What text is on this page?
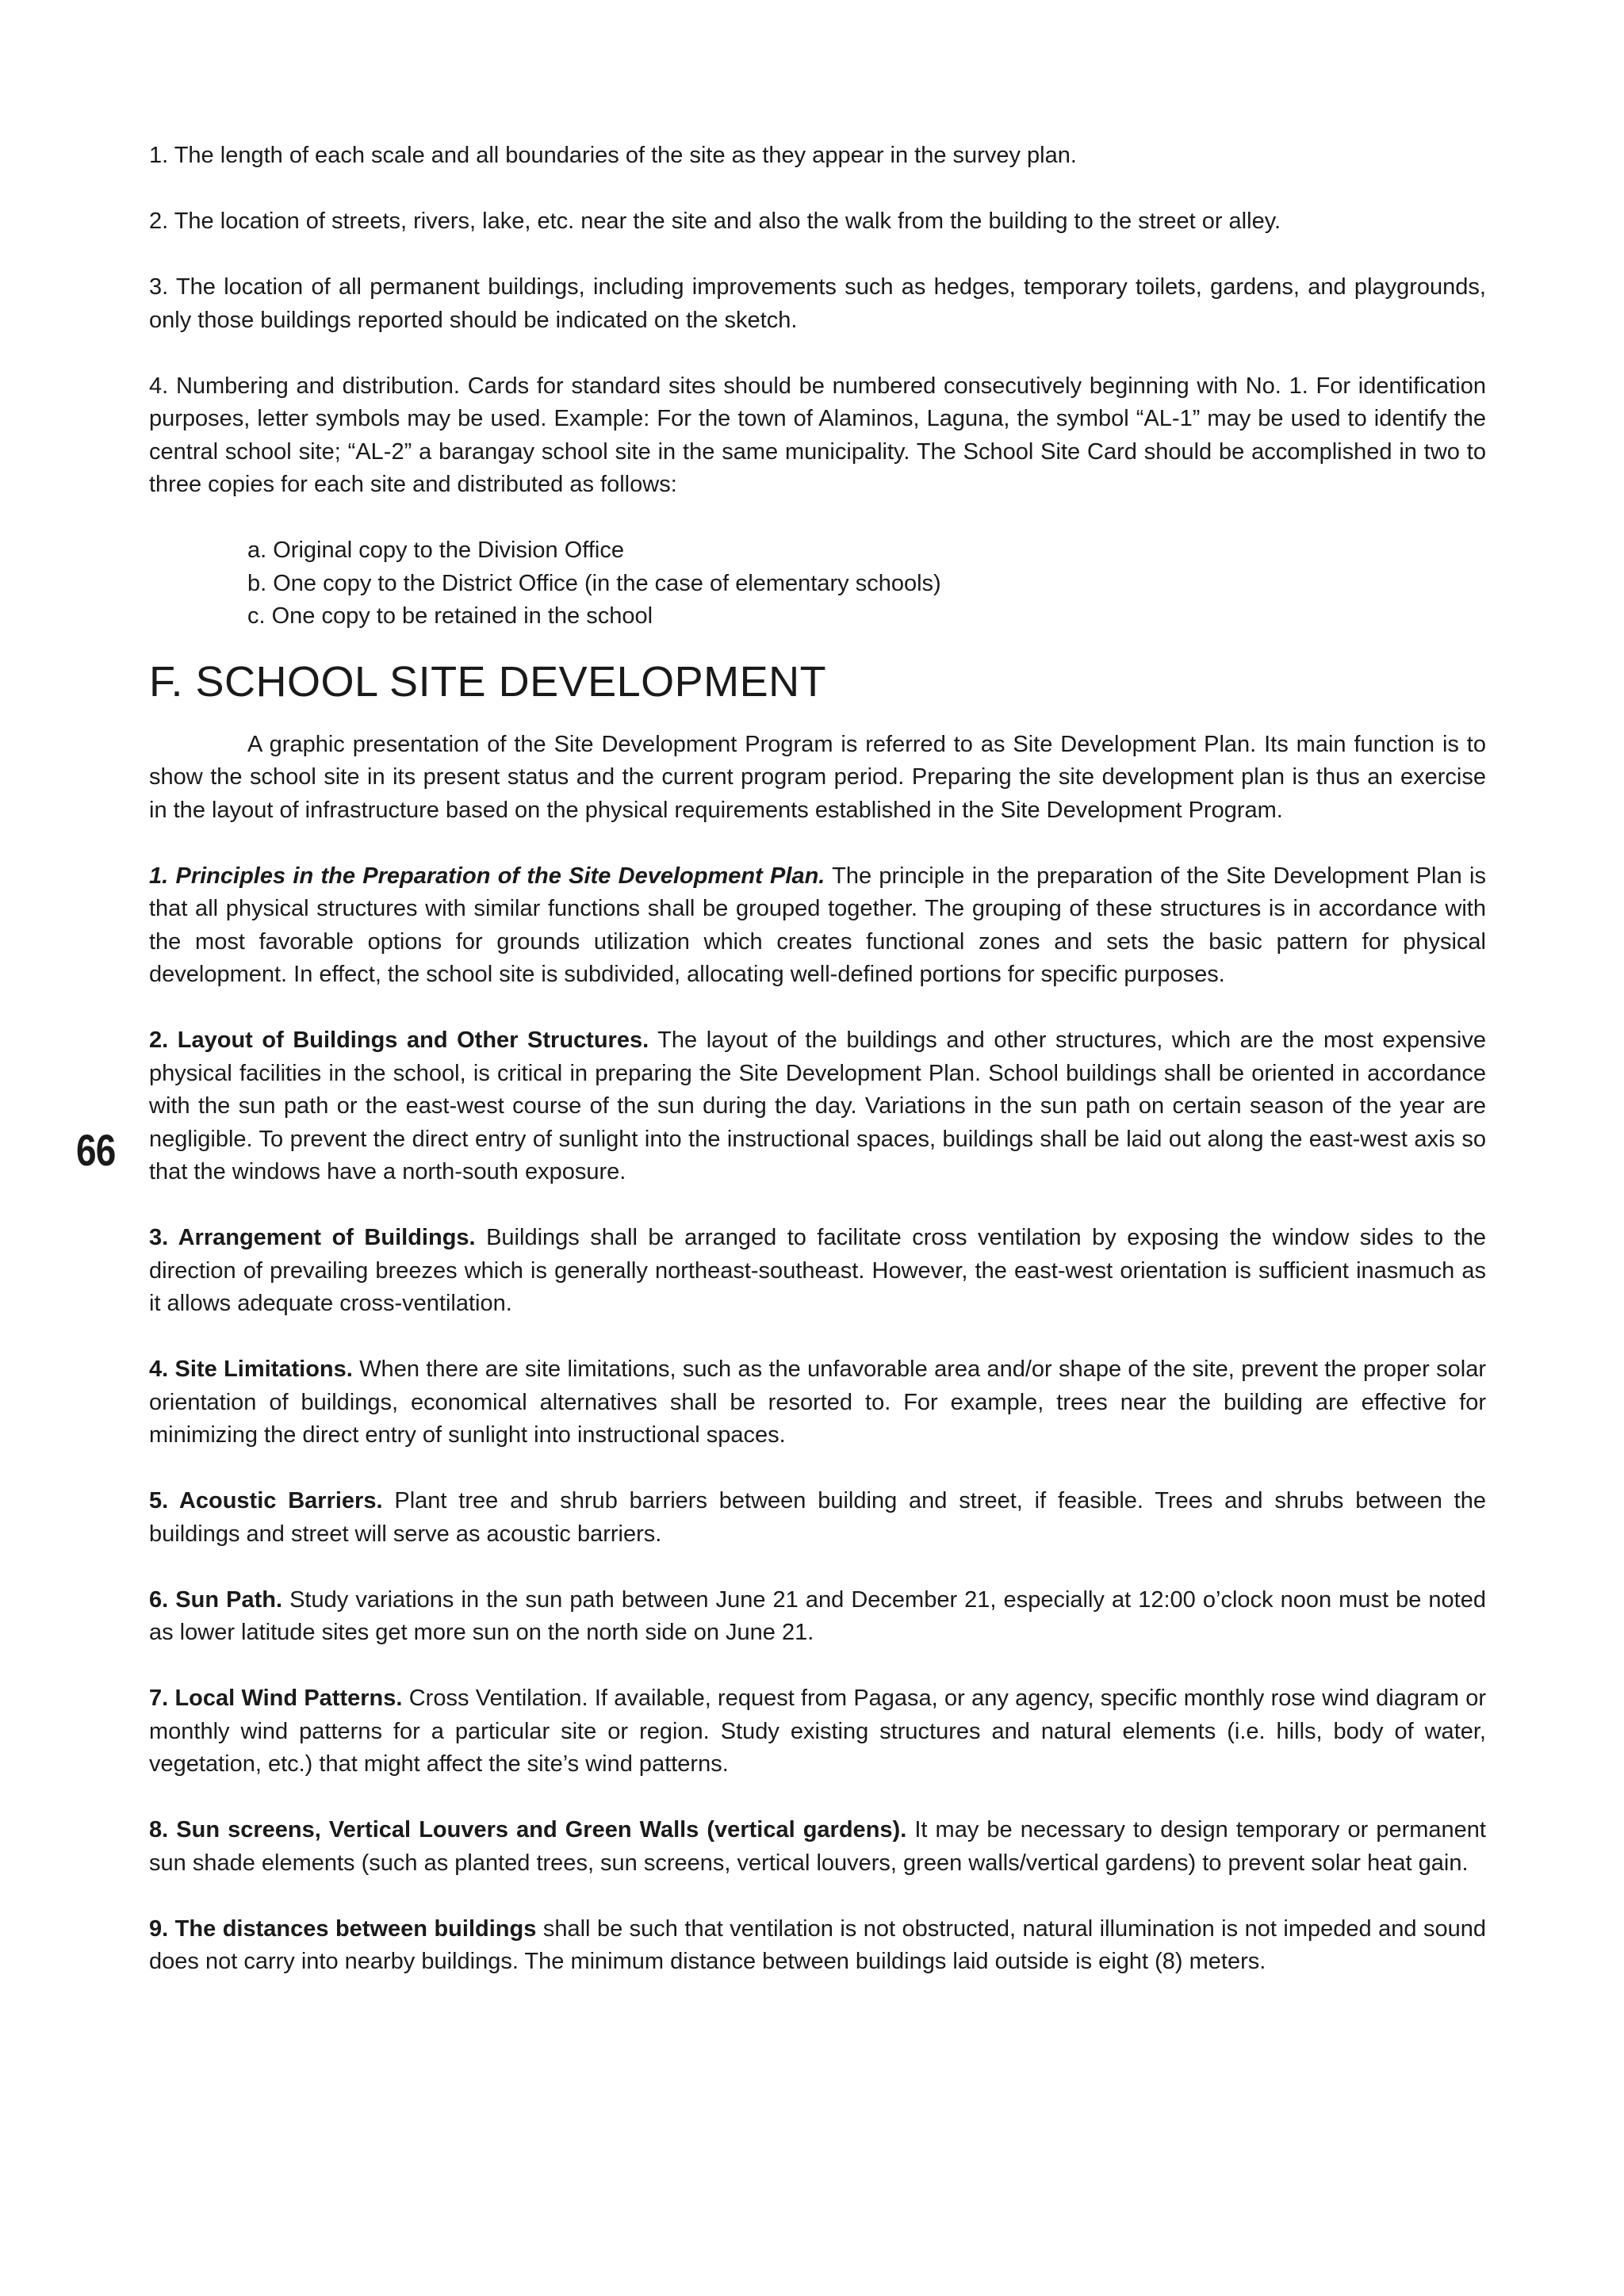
66

1. The length of each scale and all boundaries of the site as they appear in the survey plan.

2. The location of streets, rivers, lake, etc. near the site and also the walk from the building to the street or alley.

3. The location of all permanent buildings, including improvements such as hedges, temporary toilets, gardens, and playgrounds, only those buildings reported should be indicated on the sketch.

4. Numbering and distribution. Cards for standard sites should be numbered consecutively beginning with No. 1. For identification purposes, letter symbols may be used. Example: For the town of Alaminos, Laguna, the symbol “AL-1” may be used to identify the central school site; “AL-2” a barangay school site in the same municipality. The School Site Card should be accomplished in two to three copies for each site and distributed as follows:

a. Original copy to the Division Office
b. One copy to the District Office (in the case of elementary schools)
c. One copy to be retained in the school
F. SCHOOL SITE DEVELOPMENT

A graphic presentation of the Site Development Program is referred to as Site Development Plan. Its main function is to show the school site in its present status and the current program period. Preparing the site development plan is thus an exercise in the layout of infrastructure based on the physical requirements established in the Site Development Program.

1. Principles in the Preparation of the Site Development Plan. The principle in the preparation of the Site Development Plan is that all physical structures with similar functions shall be grouped together. The grouping of these structures is in accordance with the most favorable options for grounds utilization which creates functional zones and sets the basic pattern for physical development. In effect, the school site is subdivided, allocating well-defined portions for specific purposes.

2. Layout of Buildings and Other Structures. The layout of the buildings and other structures, which are the most expensive physical facilities in the school, is critical in preparing the Site Development Plan. School buildings shall be oriented in accordance with the sun path or the east-west course of the sun during the day. Variations in the sun path on certain season of the year are negligible. To prevent the direct entry of sunlight into the instructional spaces, buildings shall be laid out along the east-west axis so that the windows have a north-south exposure.

3. Arrangement of Buildings. Buildings shall be arranged to facilitate cross ventilation by exposing the window sides to the direction of prevailing breezes which is generally northeast-southeast. However, the east-west orientation is sufficient inasmuch as it allows adequate cross-ventilation.

4. Site Limitations. When there are site limitations, such as the unfavorable area and/or shape of the site, prevent the proper solar orientation of buildings, economical alternatives shall be resorted to. For example, trees near the building are effective for minimizing the direct entry of sunlight into instructional spaces.

5. Acoustic Barriers. Plant tree and shrub barriers between building and street, if feasible. Trees and shrubs between the buildings and street will serve as acoustic barriers.

6. Sun Path. Study variations in the sun path between June 21 and December 21, especially at 12:00 o’clock noon must be noted as lower latitude sites get more sun on the north side on June 21.

7. Local Wind Patterns. Cross Ventilation. If available, request from Pagasa, or any agency, specific monthly rose wind diagram or monthly wind patterns for a particular site or region. Study existing structures and natural elements (i.e. hills, body of water, vegetation, etc.) that might affect the site’s wind patterns.

8. Sun screens, Vertical Louvers and Green Walls (vertical gardens). It may be necessary to design temporary or permanent sun shade elements (such as planted trees, sun screens, vertical louvers, green walls/vertical gardens) to prevent solar heat gain.

9. The distances between buildings shall be such that ventilation is not obstructed, natural illumination is not impeded and sound does not carry into nearby buildings. The minimum distance between buildings laid outside is eight (8) meters.
